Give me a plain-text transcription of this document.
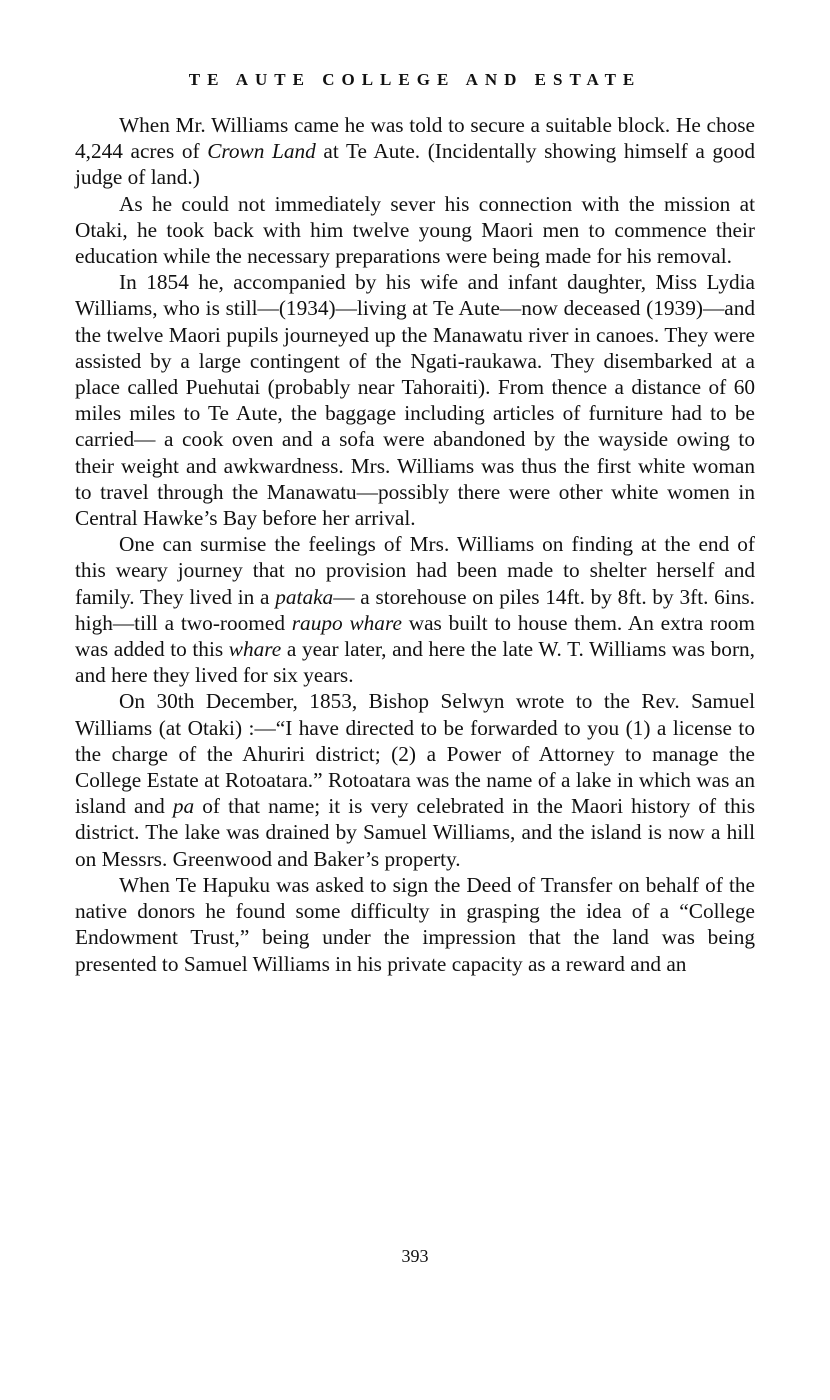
TE AUTE COLLEGE AND ESTATE

When Mr. Williams came he was told to secure a suitable block. He chose 4,244 acres of Crown Land at Te Aute. (Incidentally showing himself a good judge of land.)

As he could not immediately sever his connection with the mission at Otaki, he took back with him twelve young Maori men to commence their education while the necessary preparations were being made for his removal.

In 1854 he, accompanied by his wife and infant daughter, Miss Lydia Williams, who is still—(1934)—living at Te Aute—now deceased (1939)—and the twelve Maori pupils journeyed up the Manawatu river in canoes. They were assisted by a large contingent of the Ngati-raukawa. They disembarked at a place called Puehutai (probably near Tahoraiti). From thence a distance of 60 miles miles to Te Aute, the baggage including articles of furniture had to be carried— a cook oven and a sofa were abandoned by the wayside owing to their weight and awkwardness. Mrs. Williams was thus the first white woman to travel through the Manawatu—possibly there were other white women in Central Hawke’s Bay before her arrival.

One can surmise the feelings of Mrs. Williams on finding at the end of this weary journey that no provision had been made to shelter herself and family. They lived in a pataka— a storehouse on piles 14ft. by 8ft. by 3ft. 6ins. high—till a two-roomed raupo whare was built to house them. An extra room was added to this whare a year later, and here the late W. T. Williams was born, and here they lived for six years.

On 30th December, 1853, Bishop Selwyn wrote to the Rev. Samuel Williams (at Otaki) :—“I have directed to be forwarded to you (1) a license to the charge of the Ahuriri district; (2) a Power of Attorney to manage the College Estate at Rotoatara.” Rotoatara was the name of a lake in which was an island and pa of that name; it is very celebrated in the Maori history of this district. The lake was drained by Samuel Williams, and the island is now a hill on Messrs. Greenwood and Baker’s property.

When Te Hapuku was asked to sign the Deed of Transfer on behalf of the native donors he found some difficulty in grasping the idea of a “College Endowment Trust,” being under the impression that the land was being presented to Samuel Williams in his private capacity as a reward and an

393
